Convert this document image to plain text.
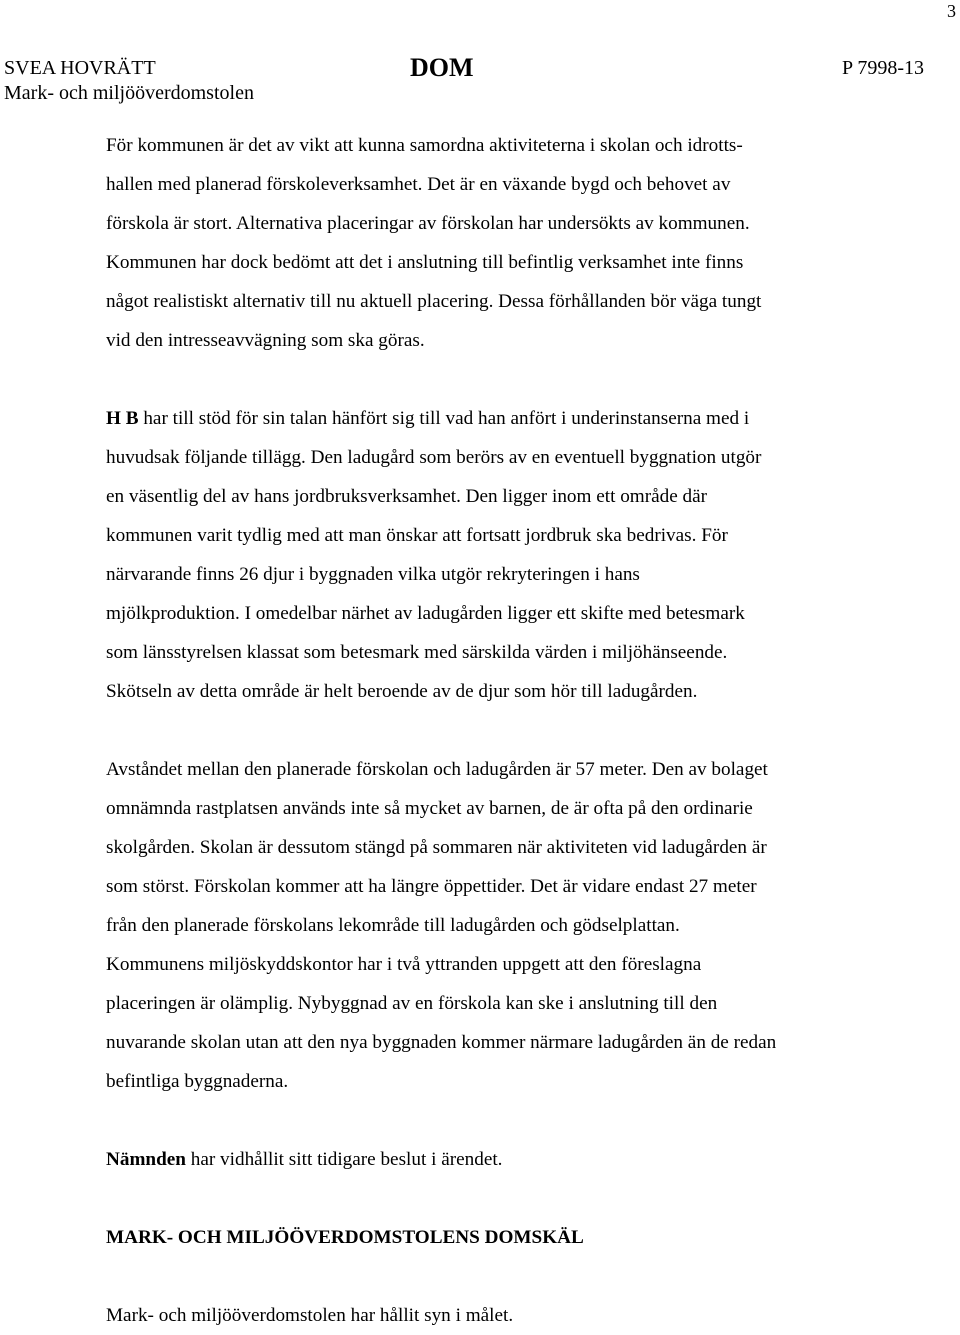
3
SVEA HOVRÄTT
Mark- och miljööverdomstolen
DOM	P 7998-13

För kommunen är det av vikt att kunna samordna aktiviteterna i skolan och idrotts-
hallen med planerad förskoleverksamhet. Det är en växande bygd och behovet av
förskola är stort. Alternativa placeringar av förskolan har undersökts av kommunen.
Kommunen har dock bedömt att det i anslutning till befintlig verksamhet inte finns
något realistiskt alternativ till nu aktuell placering. Dessa förhållanden bör väga tungt
vid den intresseavvägning som ska göras.

H B har till stöd för sin talan hänfört sig till vad han anfört i underinstanserna med i
huvudsak följande tillägg. Den ladugård som berörs av en eventuell byggnation utgör
en väsentlig del av hans jordbruksverksamhet. Den ligger inom ett område där
kommunen varit tydlig med att man önskar att fortsatt jordbruk ska bedrivas. För
närvarande finns 26 djur i byggnaden vilka utgör rekryteringen i hans
mjölkproduktion. I omedelbar närhet av ladugården ligger ett skifte med betesmark
som länsstyrelsen klassat som betesmark med särskilda värden i miljöhänseende.
Skötseln av detta område är helt beroende av de djur som hör till ladugården.

Avståndet mellan den planerade förskolan och ladugården är 57 meter. Den av bolaget
omnämnda rastplatsen används inte så mycket av barnen, de är ofta på den ordinarie
skolgården. Skolan är dessutom stängd på sommaren när aktiviteten vid ladugården är
som störst. Förskolan kommer att ha längre öppettider. Det är vidare endast 27 meter
från den planerade förskolans lekområde till ladugården och gödselplattan.
Kommunens miljöskyddskontor har i två yttranden uppgett att den föreslagna
placeringen är olämplig. Nybyggnad av en förskola kan ske i anslutning till den
nuvarande skolan utan att den nya byggnaden kommer närmare ladugården än de redan
befintliga byggnaderna.

Nämnden har vidhållit sitt tidigare beslut i ärendet.

MARK- OCH MILJÖÖVERDOMSTOLENS DOMSKÄL

Mark- och miljööverdomstolen har hållit syn i målet.
